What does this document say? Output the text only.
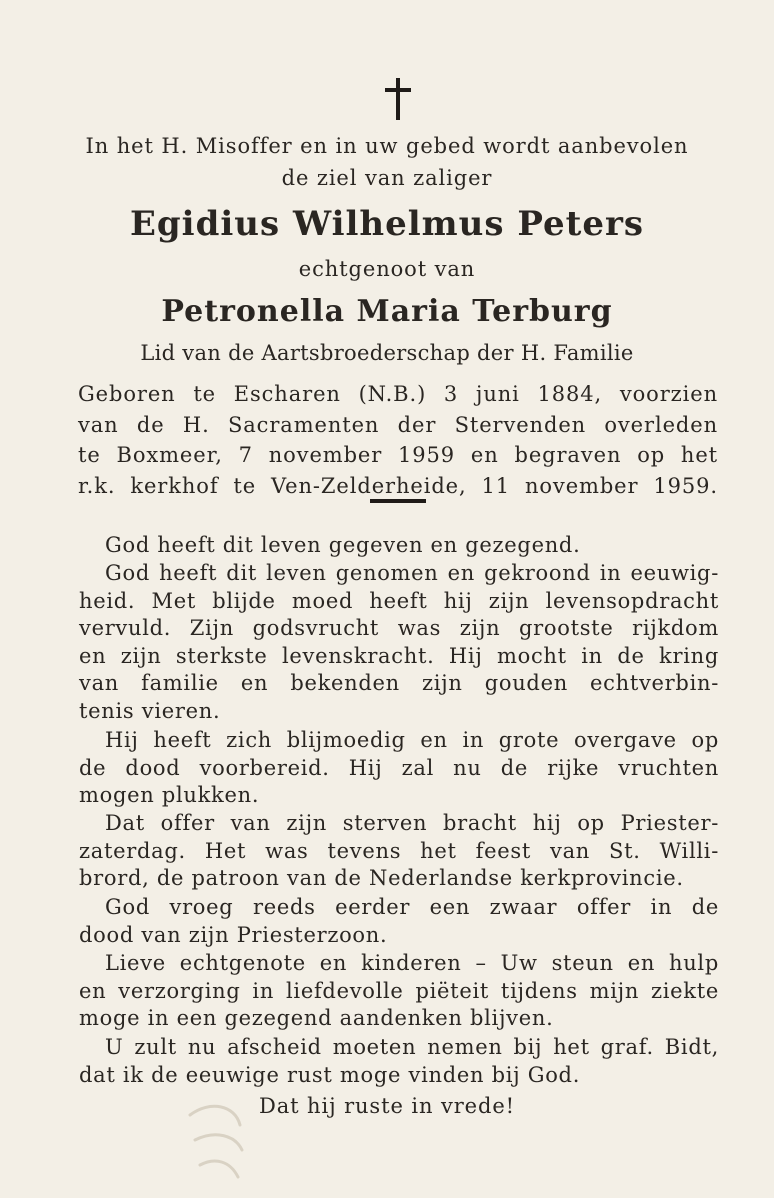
In het H. Misoffer en in uw gebed wordt aanbevolen
de ziel van zaliger
Egidius Wilhelmus Peters
echtgenoot van
Petronella Maria Terburg
Lid van de Aartsbroederschap der H. Familie
Geboren te Escharen (N.B.) 3 juni 1884, voorzien
van de H. Sacramenten der Stervenden overleden
te Boxmeer, 7 november 1959 en begraven op het
r.k. kerkhof te Ven-Zelderheide, 11 november 1959.
God heeft dit leven gegeven en gezegend.
God heeft dit leven genomen en gekroond in eeuwig-
heid. Met blijde moed heeft hij zijn levensopdracht
vervuld. Zijn godsvrucht was zijn grootste rijkdom
en zijn sterkste levenskracht. Hij mocht in de kring
van familie en bekenden zijn gouden echtverbin-
tenis vieren.
Hij heeft zich blijmoedig en in grote overgave op
de dood voorbereid. Hij zal nu de rijke vruchten
mogen plukken.
Dat offer van zijn sterven bracht hij op Priester-
zaterdag. Het was tevens het feest van St. Willi-
brord, de patroon van de Nederlandse kerkprovincie.
God vroeg reeds eerder een zwaar offer in de
dood van zijn Priesterzoon.
Lieve echtgenote en kinderen – Uw steun en hulp
en verzorging in liefdevolle piëteit tijdens mijn ziekte
moge in een gezegend aandenken blijven.
U zult nu afscheid moeten nemen bij het graf. Bidt,
dat ik de eeuwige rust moge vinden bij God.
Dat hij ruste in vrede!
